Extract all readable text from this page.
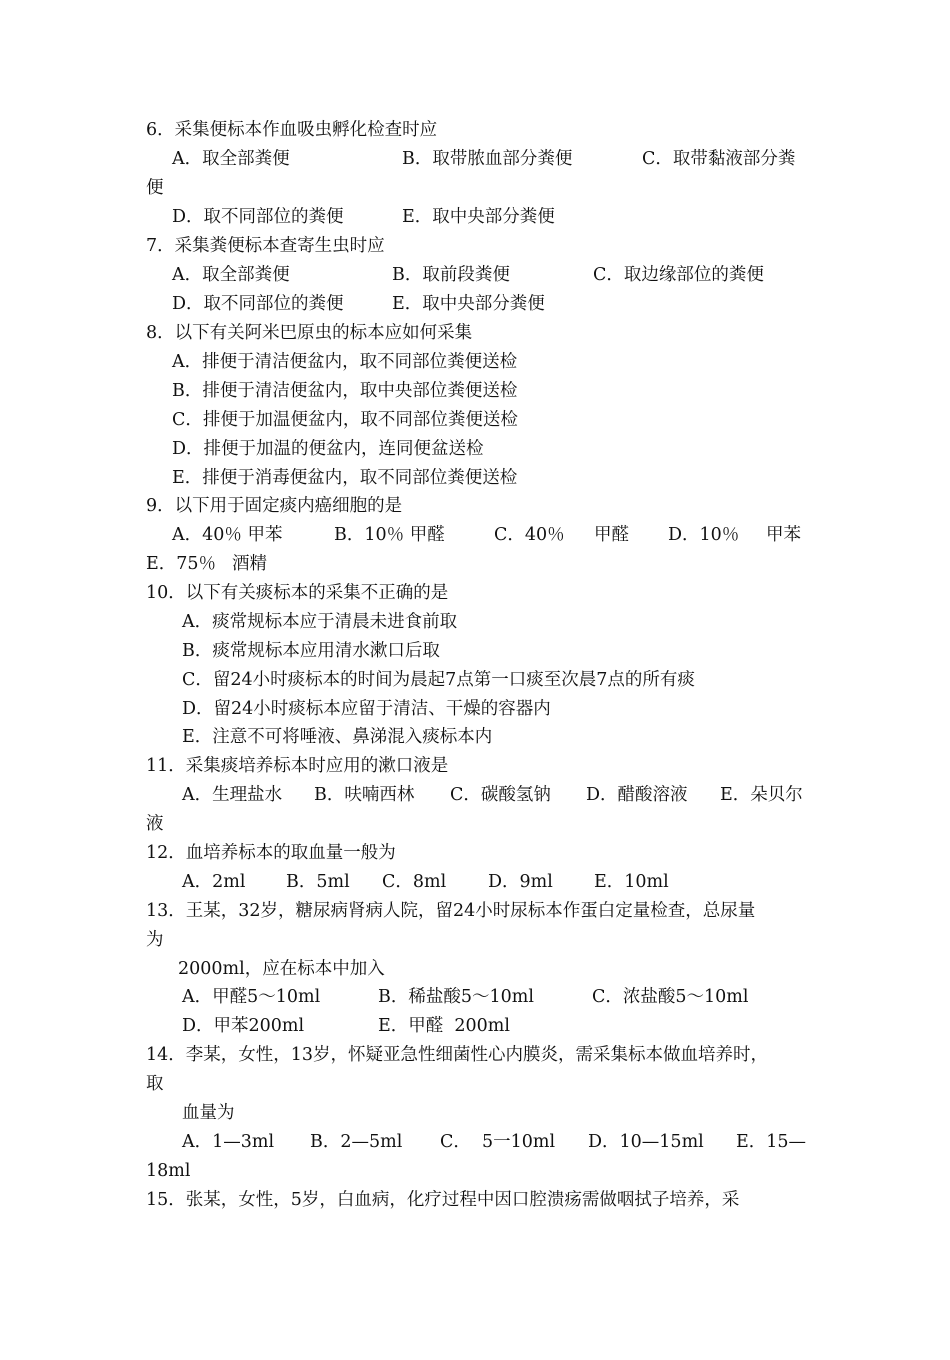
6．采集便标本作血吸虫孵化检查时应

A．取全部粪便

	B．取带脓血部分粪便

	C．取带黏液部分粪

便

D．取不同部位的粪便

	E．取中央部分粪便

7．采集粪便标本查寄生虫时应

A．取全部粪便

	B．取前段粪便

	C．取边缘部位的粪便

D．取不同部位的粪便

	E．取中央部分粪便

8．以下有关阿米巴原虫的标本应如何采集

A．排便于清洁便盆内，取不同部位粪便送检

B．排便于清洁便盆内，取中央部位粪便送检

C．排便于加温便盆内，取不同部位粪便送检

D．排便于加温的便盆内，连同便盆送检

E．排便于消毒便盆内，取不同部位粪便送检

9．以下用于固定痰内癌细胞的是

A．40％ 甲苯

	B．10％ 甲醛

	C．40％

甲醛

D．10％

甲苯

E．75％

酒精

10．以下有关痰标本的采集不正确的是

A．痰常规标本应于清晨未进食前取

B．痰常规标本应用清水漱口后取

C．留24小时痰标本的时间为晨起7点第一口痰至次晨7点的所有痰

D．留24小时痰标本应留于清洁、干燥的容器内

E．注意不可将唾液、鼻涕混入痰标本内

11．采集痰培养标本时应用的漱口液是

A．生理盐水

B．呋喃西林

C．碳酸氢钠

D．醋酸溶液

E．朵贝尔

液

12．血培养标本的取血量一般为

A．2ml

B．5ml

C．8ml

D．9ml

E．10ml

13．王某，32岁，糖尿病肾病人院，留24小时尿标本作蛋白定量检查，总尿量

为

2000ml，应在标本中加入

A．甲醛5～10ml

	B．稀盐酸5～10ml

	C．浓盐酸5～10ml

D．甲苯200ml

	E．甲醛  200ml

14．李某，女性，13岁，怀疑亚急性细菌性心内膜炎，需采集标本做血培养时，

取

血量为

A．1—3ml

B．2—5ml

C．

5一10ml

D．10—15ml

E．15—

18ml

15．张某，女性，5岁，白血病，化疗过程中因口腔溃疡需做咽拭子培养，采
